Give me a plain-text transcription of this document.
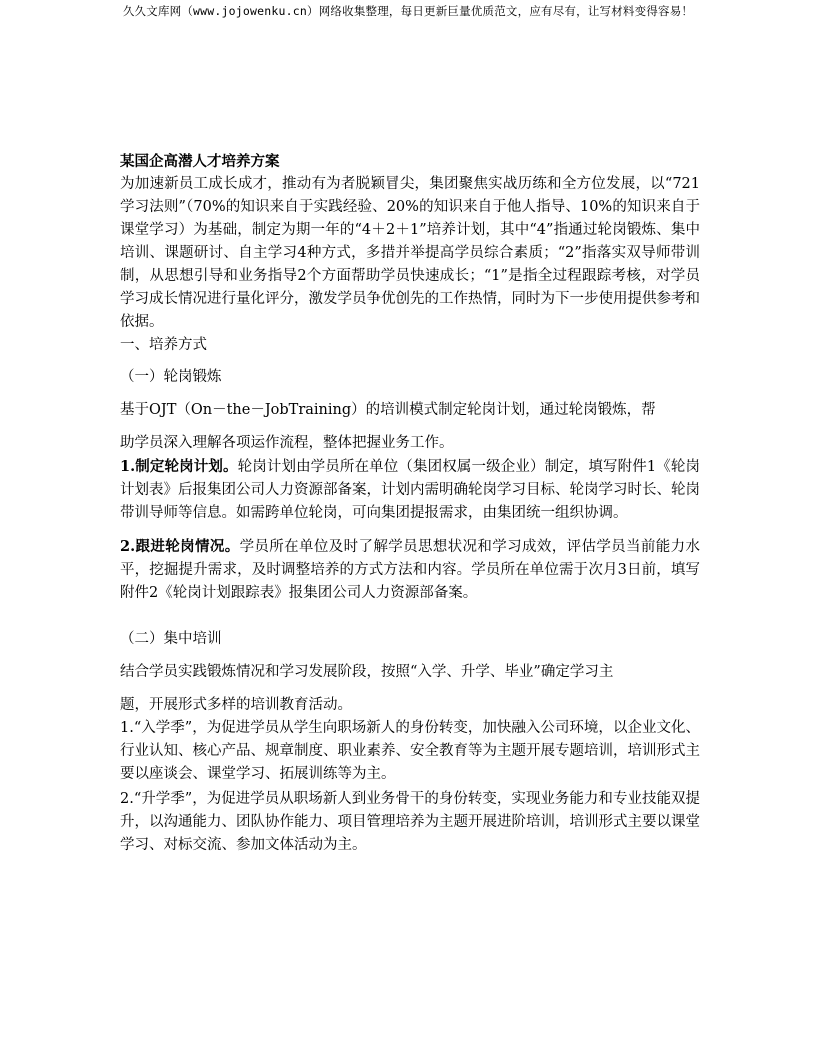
久久文库网（www.jojowenku.cn）网络收集整理，每日更新巨量优质范文，应有尽有，让写材料变得容易！

某国企高潜人才培养方案

为加速新员工成长成才，推动有为者脱颖冒尖，集团聚焦实战历练和全方位发展，以“721学习法则”（70%的知识来自于实践经验、20%的知识来自于他人指导、10%的知识来自于课堂学习）为基础，制定为期一年的“4＋2＋1”培养计划，其中“4”指通过轮岗锻炼、集中培训、课题研讨、自主学习4种方式，多措并举提高学员综合素质；“2”指落实双导师带训制，从思想引导和业务指导2个方面帮助学员快速成长；“1”是指全过程跟踪考核，对学员学习成长情况进行量化评分，激发学员争优创先的工作热情，同时为下一步使用提供参考和依据。

一、培养方式

（一）轮岗锻炼

基于OJT（On－the－JobTraining）的培训模式制定轮岗计划，通过轮岗锻炼，帮

助学员深入理解各项运作流程，整体把握业务工作。

1.制定轮岗计划。轮岗计划由学员所在单位（集团权属一级企业）制定，填写附件1《轮岗计划表》后报集团公司人力资源部备案，计划内需明确轮岗学习目标、轮岗学习时长、轮岗带训导师等信息。如需跨单位轮岗，可向集团提报需求，由集团统一组织协调。

2.跟进轮岗情况。学员所在单位及时了解学员思想状况和学习成效，评估学员当前能力水平，挖掘提升需求，及时调整培养的方式方法和内容。学员所在单位需于次月3日前，填写附件2《轮岗计划跟踪表》报集团公司人力资源部备案。

（二）集中培训

结合学员实践锻炼情况和学习发展阶段，按照“入学、升学、毕业”确定学习主

题，开展形式多样的培训教育活动。

1.“入学季”，为促进学员从学生向职场新人的身份转变，加快融入公司环境，以企业文化、行业认知、核心产品、规章制度、职业素养、安全教育等为主题开展专题培训，培训形式主要以座谈会、课堂学习、拓展训练等为主。

2.“升学季”，为促进学员从职场新人到业务骨干的身份转变，实现业务能力和专业技能双提升，以沟通能力、团队协作能力、项目管理培养为主题开展进阶培训，培训形式主要以课堂学习、对标交流、参加文体活动为主。
